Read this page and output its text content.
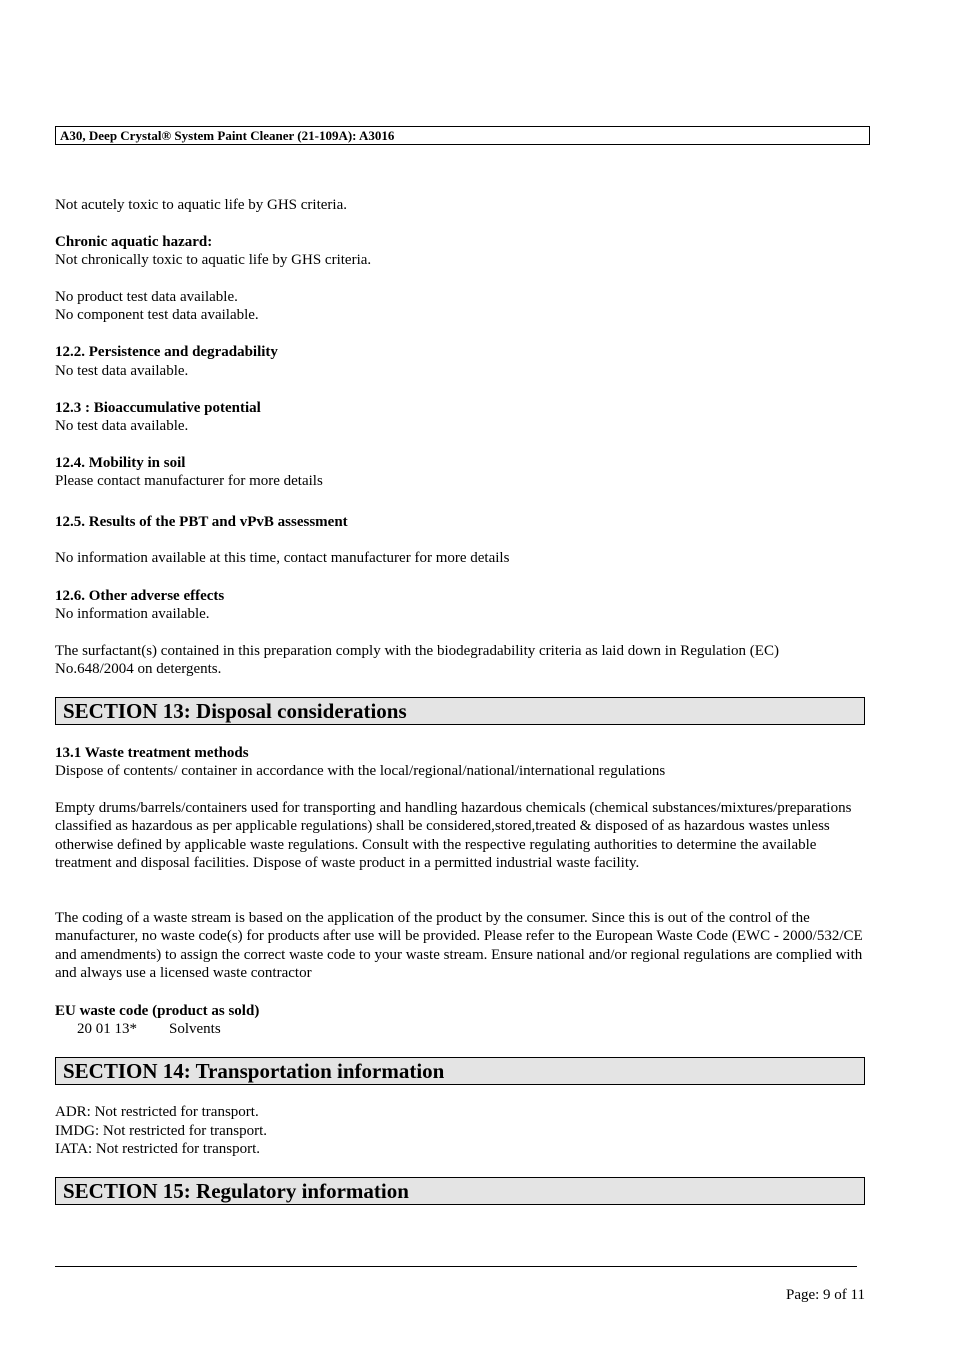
A30, Deep Crystal® System Paint Cleaner (21-109A): A3016
Not acutely toxic to aquatic life by GHS criteria.
Chronic aquatic hazard:
Not chronically toxic to aquatic life by GHS criteria.
No product test data available.
No component test data available.
12.2. Persistence and degradability
No test data available.
12.3 : Bioaccumulative potential
No test data available.
12.4. Mobility in soil
Please contact manufacturer for more details
12.5. Results of the PBT and vPvB assessment
No information available at this time, contact manufacturer for more details
12.6. Other adverse effects
No information available.
The surfactant(s) contained in this preparation comply with the biodegradability criteria as laid down in Regulation (EC) No.648/2004 on detergents.
SECTION 13: Disposal considerations
13.1 Waste treatment methods
Dispose of contents/ container in accordance with the local/regional/national/international regulations
Empty drums/barrels/containers used for transporting and handling hazardous chemicals (chemical substances/mixtures/preparations classified as hazardous as per applicable regulations) shall be considered,stored,treated & disposed of as hazardous wastes unless otherwise defined by applicable waste regulations. Consult with the respective regulating authorities to determine the available treatment and disposal facilities. Dispose of waste product in a permitted industrial waste facility.
The coding of a waste stream is based on the application of the product by the consumer. Since this is out of the control of the manufacturer, no waste code(s) for products after use will be provided. Please refer to the European Waste Code (EWC - 2000/532/CE and amendments) to assign the correct waste code to your waste stream. Ensure national and/or regional regulations are complied with and always use a licensed waste contractor
EU waste code (product as sold)
20 01 13* Solvents
SECTION 14: Transportation information
ADR: Not restricted for transport.
IMDG: Not restricted for transport.
IATA: Not restricted for transport.
SECTION 15: Regulatory information
Page: 9 of 11
